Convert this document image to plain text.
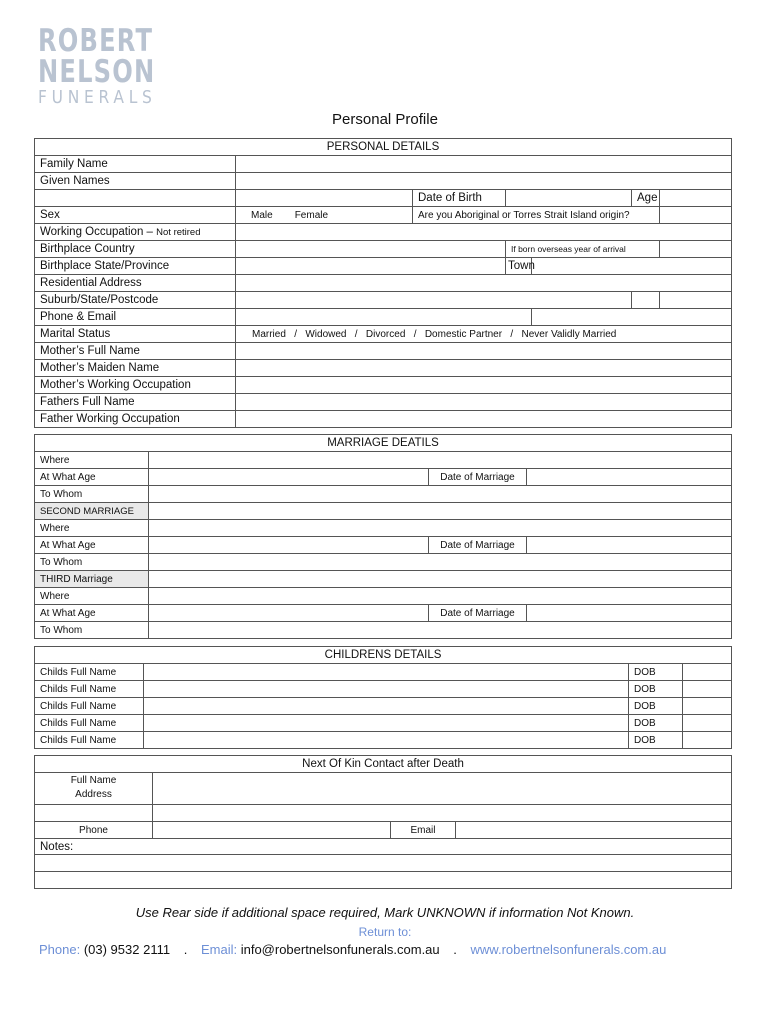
ROBERT
NELSON
FUNERALS
Personal Profile
PERSONAL DETAILS						
Family Name						
Given Names						
		Date of Birth			Age	
Sex	Male Female	Are you Aboriginal or Torres Strait Island origin?				
Working Occupation – Not retired						
Birthplace Country			If born overseas year of arrival			
Birthplace State/Province			Town			
Residential Address						
Suburb/State/Postcode						
Phone & Email						
Marital Status	Married   /   Widowed   /   Divorced   /   Domestic Partner   /   Never Validly Married					
Mother’s Full Name						
Mother’s Maiden Name						
Mother’s Working Occupation						
Fathers Full Name						
Father Working Occupation						
MARRIAGE DEATILS			
Where			
At What Age		Date of Marriage	
To Whom			
SECOND MARRIAGE			
Where			
At What Age		Date of Marriage	
To Whom			
THIRD Marriage			
Where			
At What Age		Date of Marriage	
To Whom			
CHILDRENS DETAILS			
Childs Full Name		DOB	
Childs Full Name		DOB	
Childs Full Name		DOB	
Childs Full Name		DOB	
Childs Full Name		DOB	
Next Of Kin Contact after Death			
Full Name
Address			

Phone		Email	
Notes:			

Use Rear side if additional space required, Mark UNKNOWN if information Not Known.
Return to:
Phone: (03) 9532 2111 . Email: info@robertnelsonfunerals.com.au . www.robertnelsonfunerals.com.au
